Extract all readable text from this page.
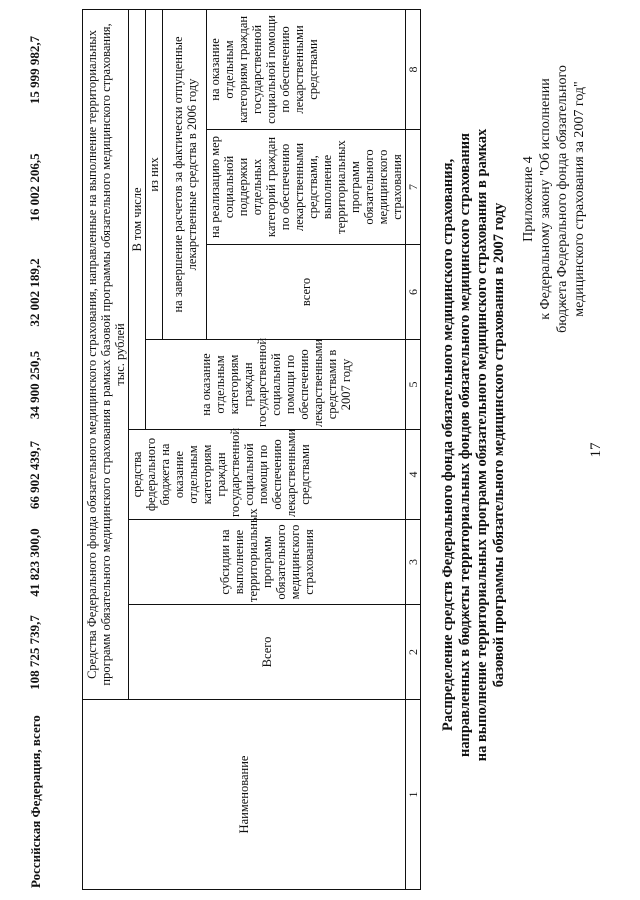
17
Приложение 4 к Федеральному закону "Об исполнении бюджета Федерального фонда обязательного медицинского страхования за 2007 год"
Распределение средств Федерального фонда обязательного медицинского страхования, направленных в бюджеты территориальных фондов обязательного медицинского страхования на выполнение территориальных программ обязательного медицинского страхования в рамках базовой программы обязательного медицинского страхования в 2007 году
Наименование	Средства Федерального фонда обязательного медицинского страхования, направленные на выполнение территориальных программ обязательного медицинского страхования в рамках базовой программы обязательного медицинского страхования, тыс. рублей						
	Всего	субсидии на выполнение территориальных программ обязательного медицинского страхования	средства федерального бюджета на оказание отдельным категориям граждан государственной социальной помощи по обеспечению лекарственными средствами	В том числе			
				на оказание отдельным категориям граждан государственной социальной помощи по обеспечению лекарственными средствами в 2007 году	из них		
					на завершение расчетов за фактически отпущенные лекарственные средства в 2006 году		
					всего	на реализацию мер социальной поддержки отдельных категорий граждан по обеспечению лекарственными средствами, выполнение территориальных программ обязательного медицинского страхования	на оказание отдельным категориям граждан государственной социальной помощи по обеспечению лекарственными средствами
1	2	3	4	5	6	7	8
Российская Федерация, всего	108 725 739,7	41 823 300,0	66 902 439,7	34 900 250,5	32 002 189,2	16 002 206,5	15 999 982,7
